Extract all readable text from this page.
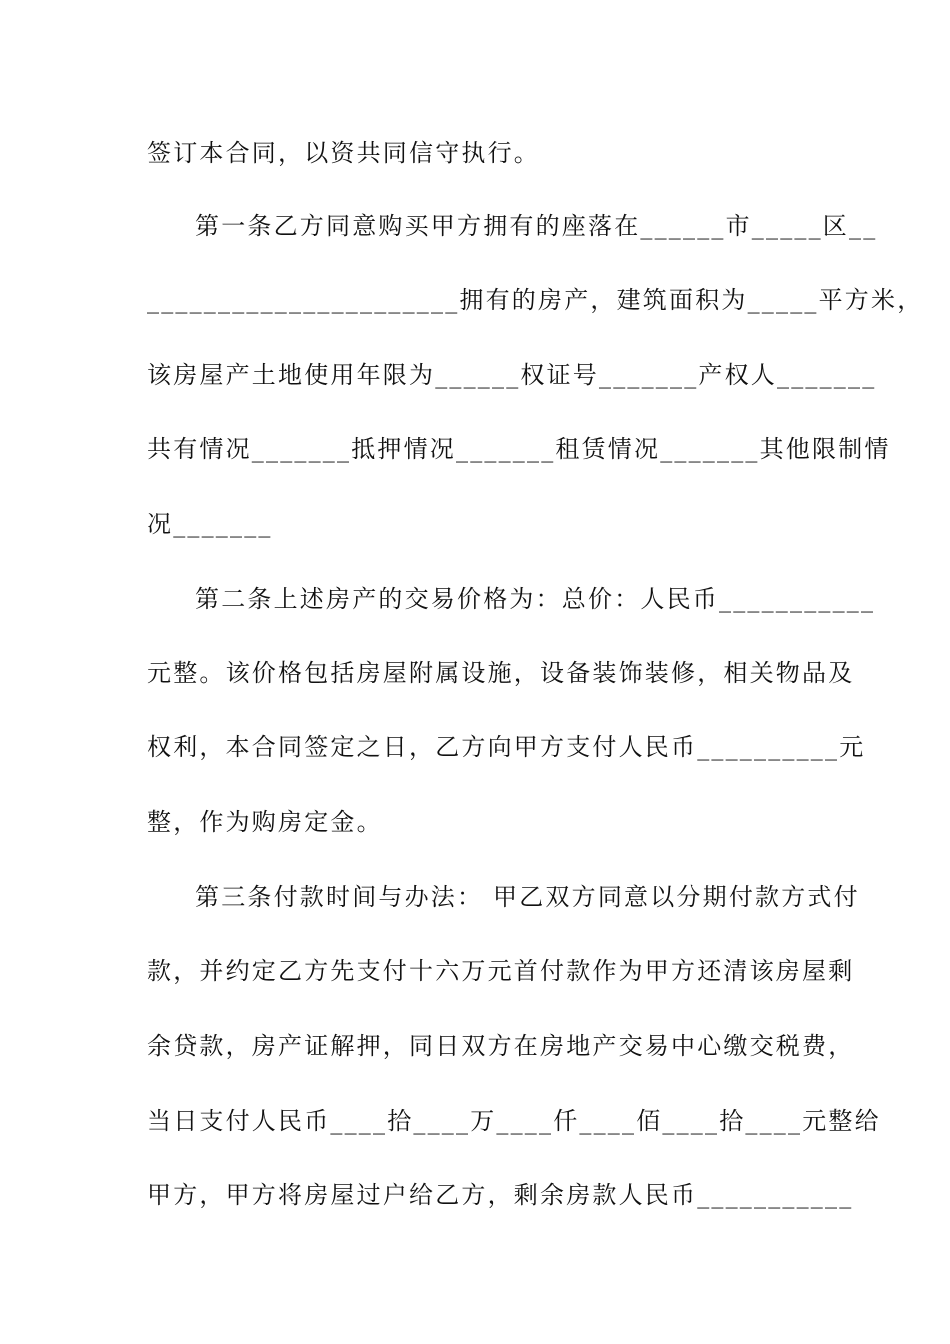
签订本合同，以资共同信守执行。
第一条乙方同意购买甲方拥有的座落在______市_____区__
______________________拥有的房产，建筑面积为_____平方米，
该房屋产土地使用年限为______权证号_______产权人_______
共有情况_______抵押情况_______租赁情况_______其他限制情
况_______
第二条上述房产的交易价格为：总价：人民币___________
元整。该价格包括房屋附属设施，设备装饰装修，相关物品及
权利，本合同签定之日，乙方向甲方支付人民币__________元
整，作为购房定金。
第三条付款时间与办法： 甲乙双方同意以分期付款方式付
款，并约定乙方先支付十六万元首付款作为甲方还清该房屋剩
余贷款，房产证解押，同日双方在房地产交易中心缴交税费，
当日支付人民币____拾____万____仟____佰____拾____元整给
甲方，甲方将房屋过户给乙方，剩余房款人民币___________
